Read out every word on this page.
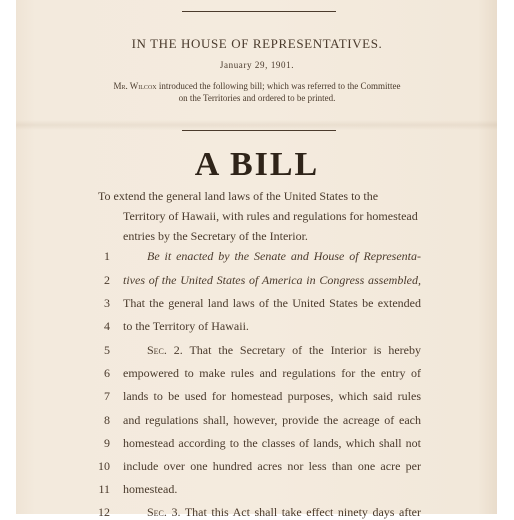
IN THE HOUSE OF REPRESENTATIVES.
January 29, 1901.
Mr. Wilcox introduced the following bill; which was referred to the Committee
on the Territories and ordered to be printed.
A BILL
To extend the general land laws of the United States to the
Territory of Hawaii, with rules and regulations for homestead
entries by the Secretary of the Interior.
1	Be it enacted by the Senate and House of Representa-
2 tives of the United States of America in Congress assembled,
3 That the general land laws of the United States be extended
4 to the Territory of Hawaii.
5	Sec. 2. That the Secretary of the Interior is hereby
6 empowered to make rules and regulations for the entry of
7 lands to be used for homestead purposes, which said rules
8 and regulations shall, however, provide the acreage of each
9 homestead according to the classes of lands, which shall not
10 include over one hundred acres nor less than one acre per
11 homestead.
12	Sec. 3. That this Act shall take effect ninety days after
